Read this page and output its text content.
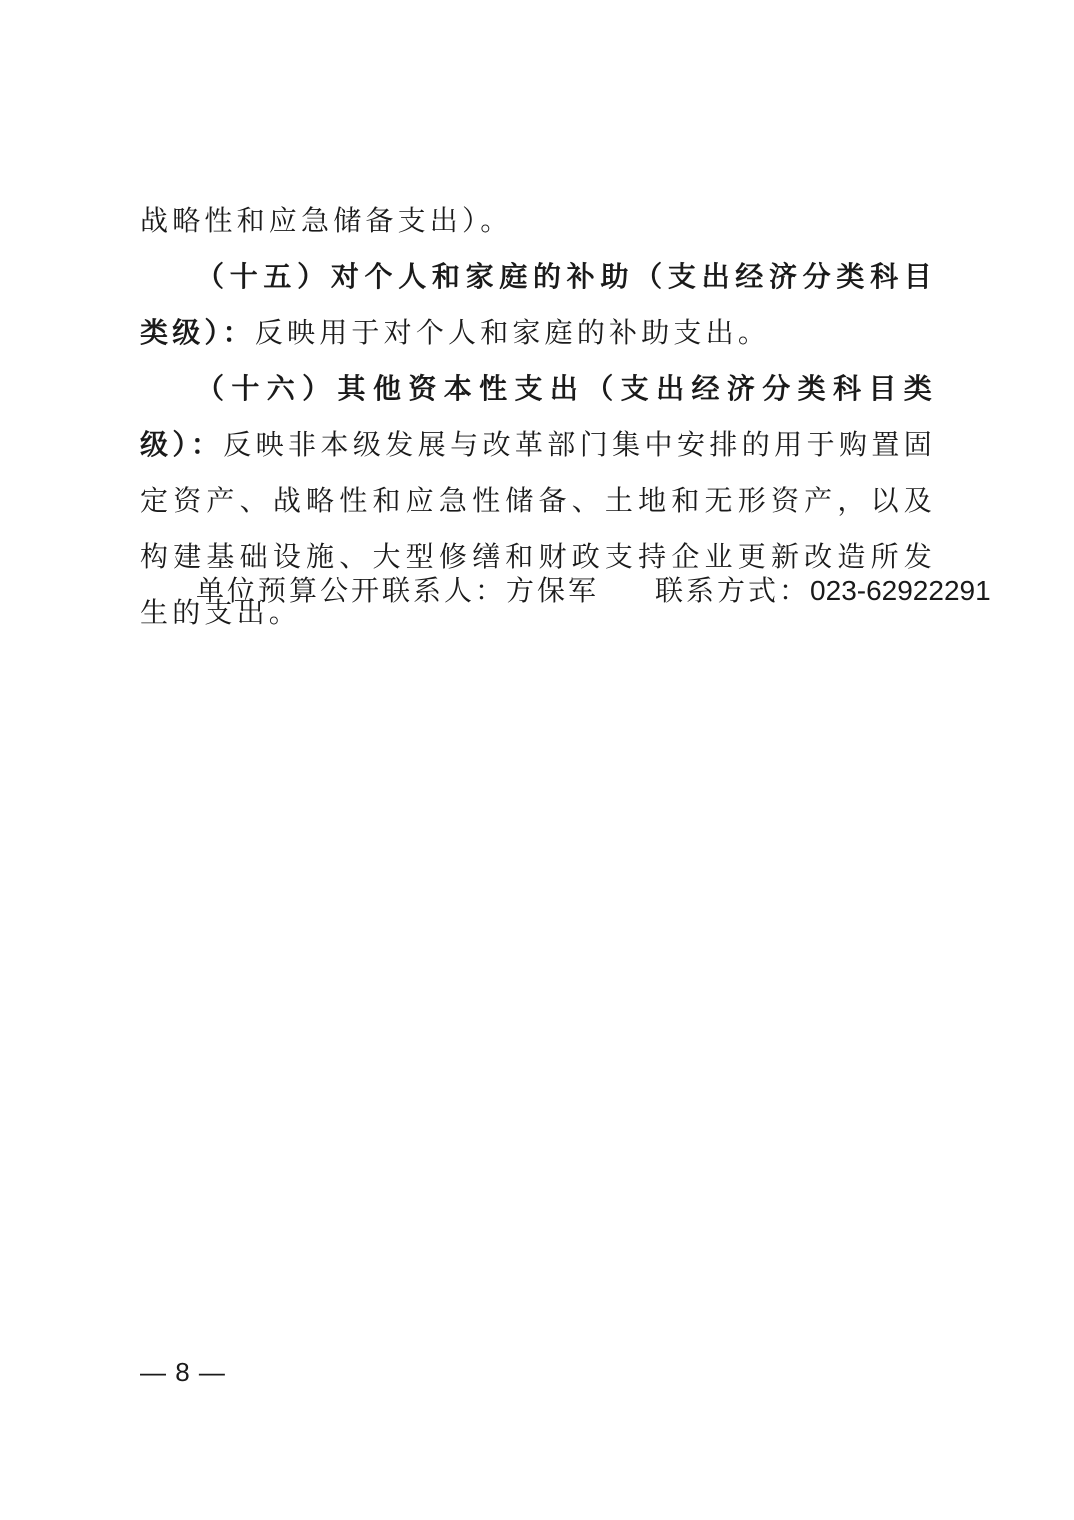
战略性和应急储备支出）。

（十五）对个人和家庭的补助（支出经济分类科目类级）：反映用于对个人和家庭的补助支出。

（十六）其他资本性支出（支出经济分类科目类级）：反映非本级发展与改革部门集中安排的用于购置固定资产、战略性和应急性储备、土地和无形资产，以及构建基础设施、大型修缮和财政支持企业更新改造所发生的支出。

单位预算公开联系人：方保军 联系方式：023-62922291
— 8 —
